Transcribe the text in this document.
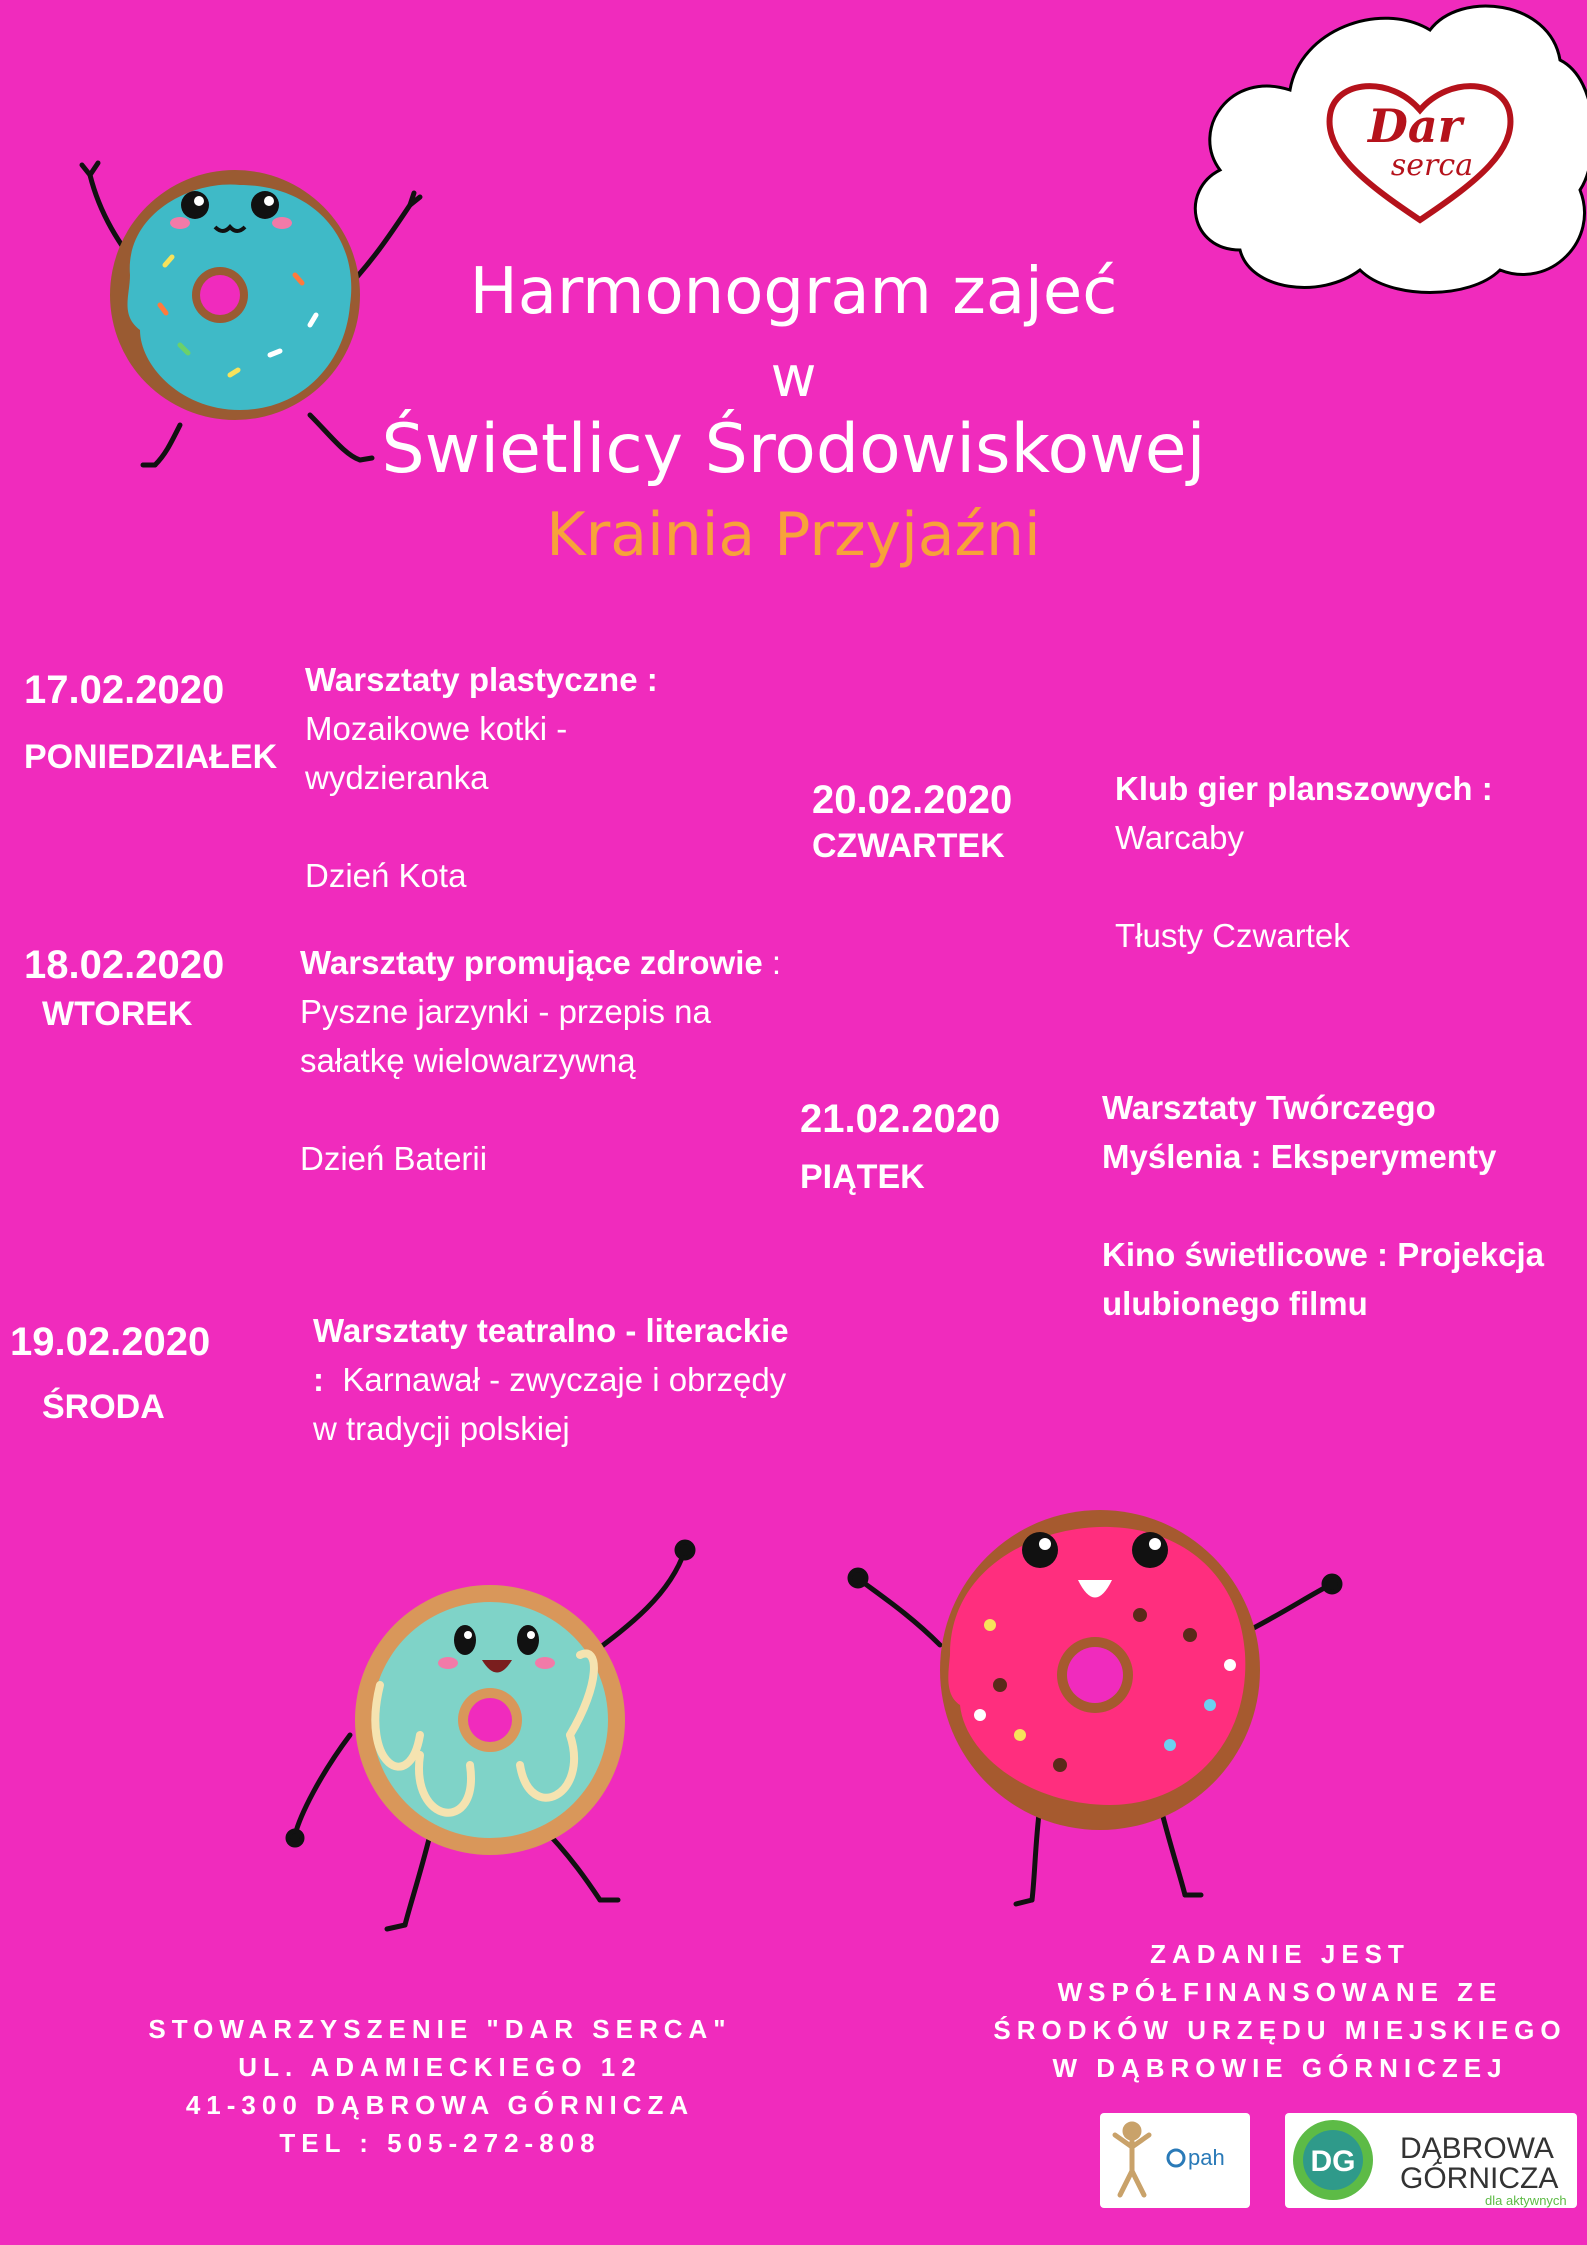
Dar
serca
Harmonogram zajeć
w
Świetlicy Środowiskowej
Krainia Przyjaźni
17.02.2020
PONIEDZIAŁEK

Warsztaty plastyczne :

Mozaikowe kotki - wydzieranka

Dzień Kota

18.02.2020
WTOREK

Warsztaty promujące zdrowie :

Pyszne jarzynki - przepis na sałatkę wielowarzywną

Dzień Baterii

19.02.2020
ŚRODA

Warsztaty teatralno - literackie : Karnawał - zwyczaje i obrzędy w tradycji polskiej

20.02.2020
CZWARTEK

Klub gier planszowych :

Warcaby

Tłusty Czwartek

21.02.2020
PIĄTEK

Warsztaty Twórczego Myślenia : Eksperymenty

Kino świetlicowe : Projekcja ulubionego filmu

STOWARZYSZENIE "DAR SERCA"
UL. ADAMIECKIEGO 12
41-300 DĄBROWA GÓRNICZA
TEL : 505-272-808
ZADANIE JEST
WSPÓŁFINANSOWANE ZE
ŚRODKÓW URZĘDU MIEJSKIEGO
W DĄBROWIE GÓRNICZEJ
pah	DG DĄBROWA
GÓRNICZA
dla aktywnych
